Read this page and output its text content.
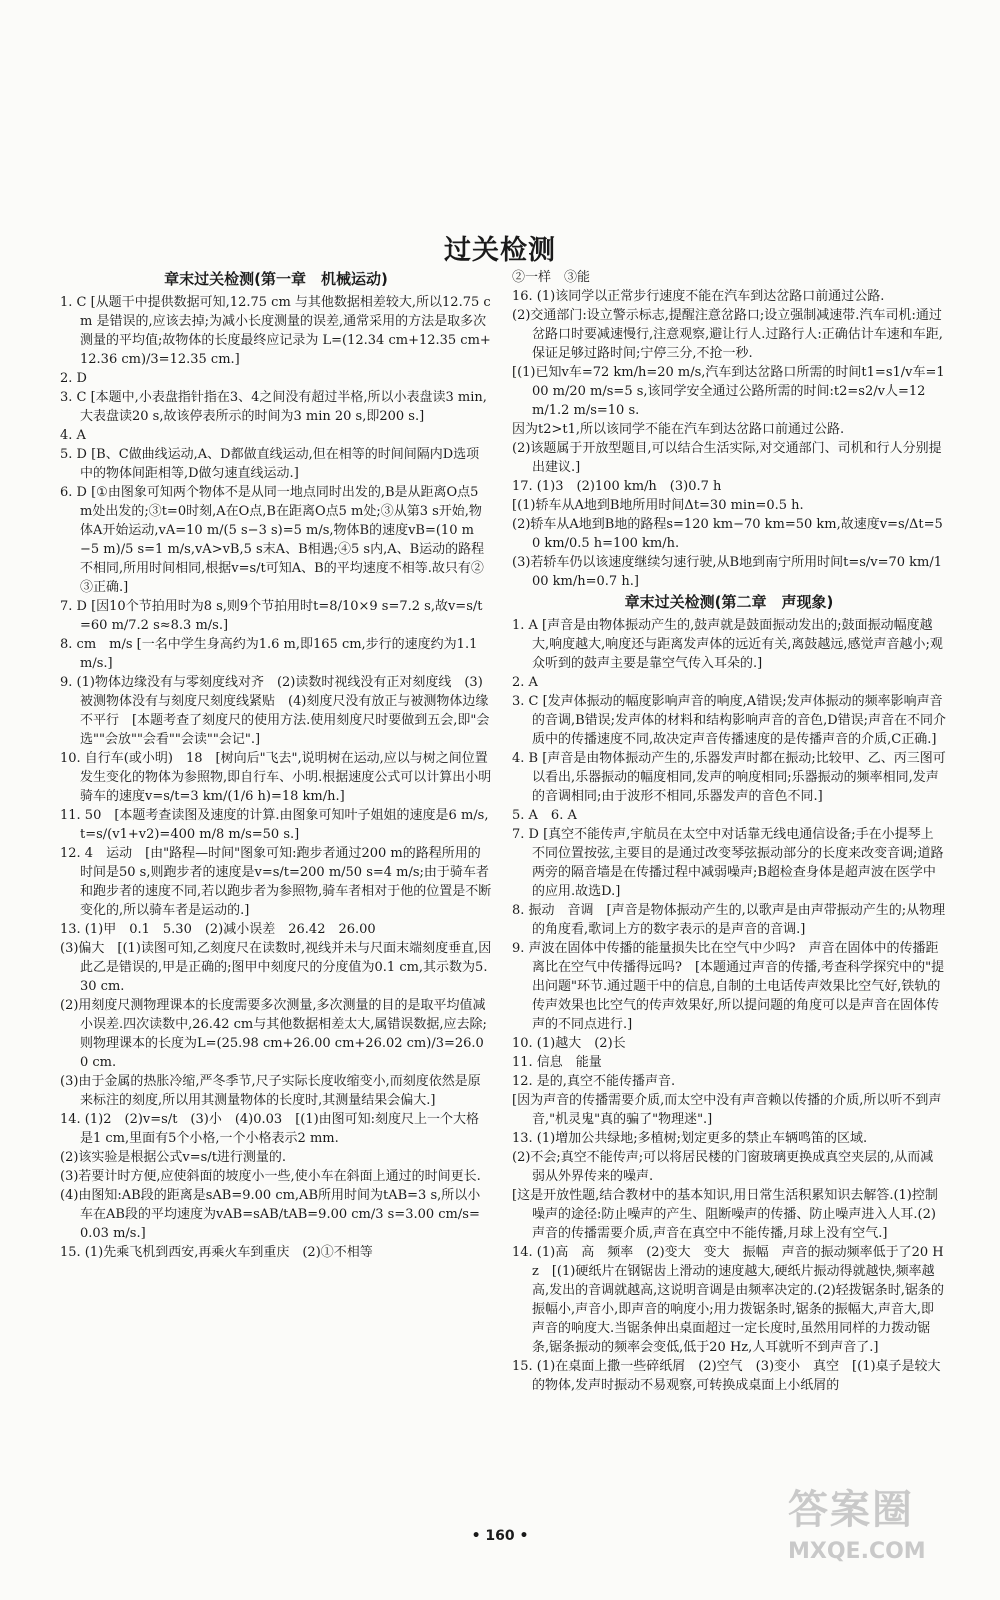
过关检测
章末过关检测(第一章　机械运动)

1. C [从题干中提供数据可知,12.75 cm 与其他数据相差较大,所以12.75 cm 是错误的,应该去掉;为减小长度测量的误差,通常采用的方法是取多次测量的平均值;故物体的长度最终应记录为 L=(12.34 cm+12.35 cm+12.36 cm)/3=12.35 cm.]

2. D

3. C [本题中,小表盘指针指在3、4之间没有超过半格,所以小表盘读3 min,大表盘读20 s,故该停表所示的时间为3 min 20 s,即200 s.]

4. A

5. D [B、C做曲线运动,A、D都做直线运动,但在相等的时间间隔内D选项中的物体间距相等,D做匀速直线运动.]

6. D [①由图象可知两个物体不是从同一地点同时出发的,B是从距离O点5 m处出发的;③t=0时刻,A在O点,B在距离O点5 m处;③从第3 s开始,物体A开始运动,vA=10 m/(5 s−3 s)=5 m/s,物体B的速度vB=(10 m−5 m)/5 s=1 m/s,vA>vB,5 s末A、B相遇;④5 s内,A、B运动的路程不相同,所用时间相同,根据v=s/t可知A、B的平均速度不相等.故只有②③正确.]

7. D [因10个节拍用时为8 s,则9个节拍用时t=8/10×9 s=7.2 s,故v=s/t=60 m/7.2 s≈8.3 m/s.]

8. cm　m/s [一名中学生身高约为1.6 m,即165 cm,步行的速度约为1.1 m/s.]

9. (1)物体边缘没有与零刻度线对齐　(2)读数时视线没有正对刻度线　(3)被测物体没有与刻度尺刻度线紧贴　(4)刻度尺没有放正与被测物体边缘不平行　[本题考查了刻度尺的使用方法.使用刻度尺时要做到五会,即"会选""会放""会看""会读""会记".]

10. 自行车(或小明)　18　[树向后"飞去",说明树在运动,应以与树之间位置发生变化的物体为参照物,即自行车、小明.根据速度公式可以计算出小明骑车的速度v=s/t=3 km/(1/6 h)=18 km/h.]

11. 50　[本题考查读图及速度的计算.由图象可知叶子姐姐的速度是6 m/s,t=s/(v1+v2)=400 m/8 m/s=50 s.]

12. 4　运动　[由"路程—时间"图象可知:跑步者通过200 m的路程所用的时间是50 s,则跑步者的速度是v=s/t=200 m/50 s=4 m/s;由于骑车者和跑步者的速度不同,若以跑步者为参照物,骑车者相对于他的位置是不断变化的,所以骑车者是运动的.]

13. (1)甲　0.1　5.30　(2)减小误差　26.42　26.00

(3)偏大　[(1)读图可知,乙刻度尺在读数时,视线并未与尺面末端刻度垂直,因此乙是错误的,甲是正确的;图甲中刻度尺的分度值为0.1 cm,其示数为5.30 cm.

(2)用刻度尺测物理课本的长度需要多次测量,多次测量的目的是取平均值减小误差.四次读数中,26.42 cm与其他数据相差太大,属错误数据,应去除;则物理课本的长度为L=(25.98 cm+26.00 cm+26.02 cm)/3=26.00 cm.

(3)由于金属的热胀冷缩,严冬季节,尺子实际长度收缩变小,而刻度依然是原来标注的刻度,所以用其测量物体的长度时,其测量结果会偏大.]

14. (1)2　(2)v=s/t　(3)小　(4)0.03　[(1)由图可知:刻度尺上一个大格是1 cm,里面有5个小格,一个小格表示2 mm.

(2)该实验是根据公式v=s/t进行测量的.

(3)若要计时方便,应使斜面的坡度小一些,使小车在斜面上通过的时间更长.

(4)由图知:AB段的距离是sAB=9.00 cm,AB所用时间为tAB=3 s,所以小车在AB段的平均速度为vAB=sAB/tAB=9.00 cm/3 s=3.00 cm/s=0.03 m/s.]

15. (1)先乘飞机到西安,再乘火车到重庆　(2)①不相等

②一样　③能

16. (1)该同学以正常步行速度不能在汽车到达岔路口前通过公路.

(2)交通部门:设立警示标志,提醒注意岔路口;设立强制减速带.汽车司机:通过岔路口时要减速慢行,注意观察,避让行人.过路行人:正确估计车速和车距,保证足够过路时间;宁停三分,不抢一秒.

[(1)已知v车=72 km/h=20 m/s,汽车到达岔路口所需的时间t1=s1/v车=100 m/20 m/s=5 s,该同学安全通过公路所需的时间:t2=s2/v人=12 m/1.2 m/s=10 s.

因为t2>t1,所以该同学不能在汽车到达岔路口前通过公路.

(2)该题属于开放型题目,可以结合生活实际,对交通部门、司机和行人分别提出建议.]

17. (1)3　(2)100 km/h　(3)0.7 h

[(1)轿车从A地到B地所用时间Δt=30 min=0.5 h.

(2)轿车从A地到B地的路程s=120 km−70 km=50 km,故速度v=s/Δt=50 km/0.5 h=100 km/h.

(3)若轿车仍以该速度继续匀速行驶,从B地到南宁所用时间t=s/v=70 km/100 km/h=0.7 h.]

章末过关检测(第二章　声现象)

1. A [声音是由物体振动产生的,鼓声就是鼓面振动发出的;鼓面振动幅度越大,响度越大,响度还与距离发声体的远近有关,离鼓越远,感觉声音越小;观众听到的鼓声主要是靠空气传入耳朵的.]

2. A

3. C [发声体振动的幅度影响声音的响度,A错误;发声体振动的频率影响声音的音调,B错误;发声体的材料和结构影响声音的音色,D错误;声音在不同介质中的传播速度不同,故决定声音传播速度的是传播声音的介质,C正确.]

4. B [声音是由物体振动产生的,乐器发声时都在振动;比较甲、乙、丙三图可以看出,乐器振动的幅度相同,发声的响度相同;乐器振动的频率相同,发声的音调相同;由于波形不相同,乐器发声的音色不同.]

5. A　6. A

7. D [真空不能传声,宇航员在太空中对话靠无线电通信设备;手在小提琴上不同位置按弦,主要目的是通过改变琴弦振动部分的长度来改变音调;道路两旁的隔音墙是在传播过程中减弱噪声;B超检查身体是超声波在医学中的应用.故选D.]

8. 振动　音调　[声音是物体振动产生的,以歌声是由声带振动产生的;从物理的角度看,歌词上方的数字表示的是声音的音调.]

9. 声波在固体中传播的能量损失比在空气中少吗?　声音在固体中的传播距离比在空气中传播得远吗?　[本题通过声音的传播,考查科学探究中的"提出问题"环节.通过题干中的信息,自制的土电话传声效果比空气好,铁轨的传声效果也比空气的传声效果好,所以提问题的角度可以是声音在固体传声的不同点进行.]

10. (1)越大　(2)长

11. 信息　能量

12. 是的,真空不能传播声音.

[因为声音的传播需要介质,而太空中没有声音赖以传播的介质,所以听不到声音,"机灵鬼"真的骗了"物理迷".]

13. (1)增加公共绿地;多植树;划定更多的禁止车辆鸣笛的区域.

(2)不会;真空不能传声;可以将居民楼的门窗玻璃更换成真空夹层的,从而减弱从外界传来的噪声.

[这是开放性题,结合教材中的基本知识,用日常生活积累知识去解答.(1)控制噪声的途径:防止噪声的产生、阻断噪声的传播、防止噪声进入人耳.(2)声音的传播需要介质,声音在真空中不能传播,月球上没有空气.]

14. (1)高　高　频率　(2)变大　变大　振幅　声音的振动频率低于了20 Hz　[(1)硬纸片在钢锯齿上滑动的速度越大,硬纸片振动得就越快,频率越高,发出的音调就越高,这说明音调是由频率决定的.(2)轻拨锯条时,锯条的振幅小,声音小,即声音的响度小;用力拨锯条时,锯条的振幅大,声音大,即声音的响度大.当锯条伸出桌面超过一定长度时,虽然用同样的力拨动锯条,锯条振动的频率会变低,低于20 Hz,人耳就听不到声音了.]

15. (1)在桌面上撒一些碎纸屑　(2)空气　(3)变小　真空　[(1)桌子是较大的物体,发声时振动不易观察,可转换成桌面上小纸屑的

• 160 •
答案圈
MXQE.COM
